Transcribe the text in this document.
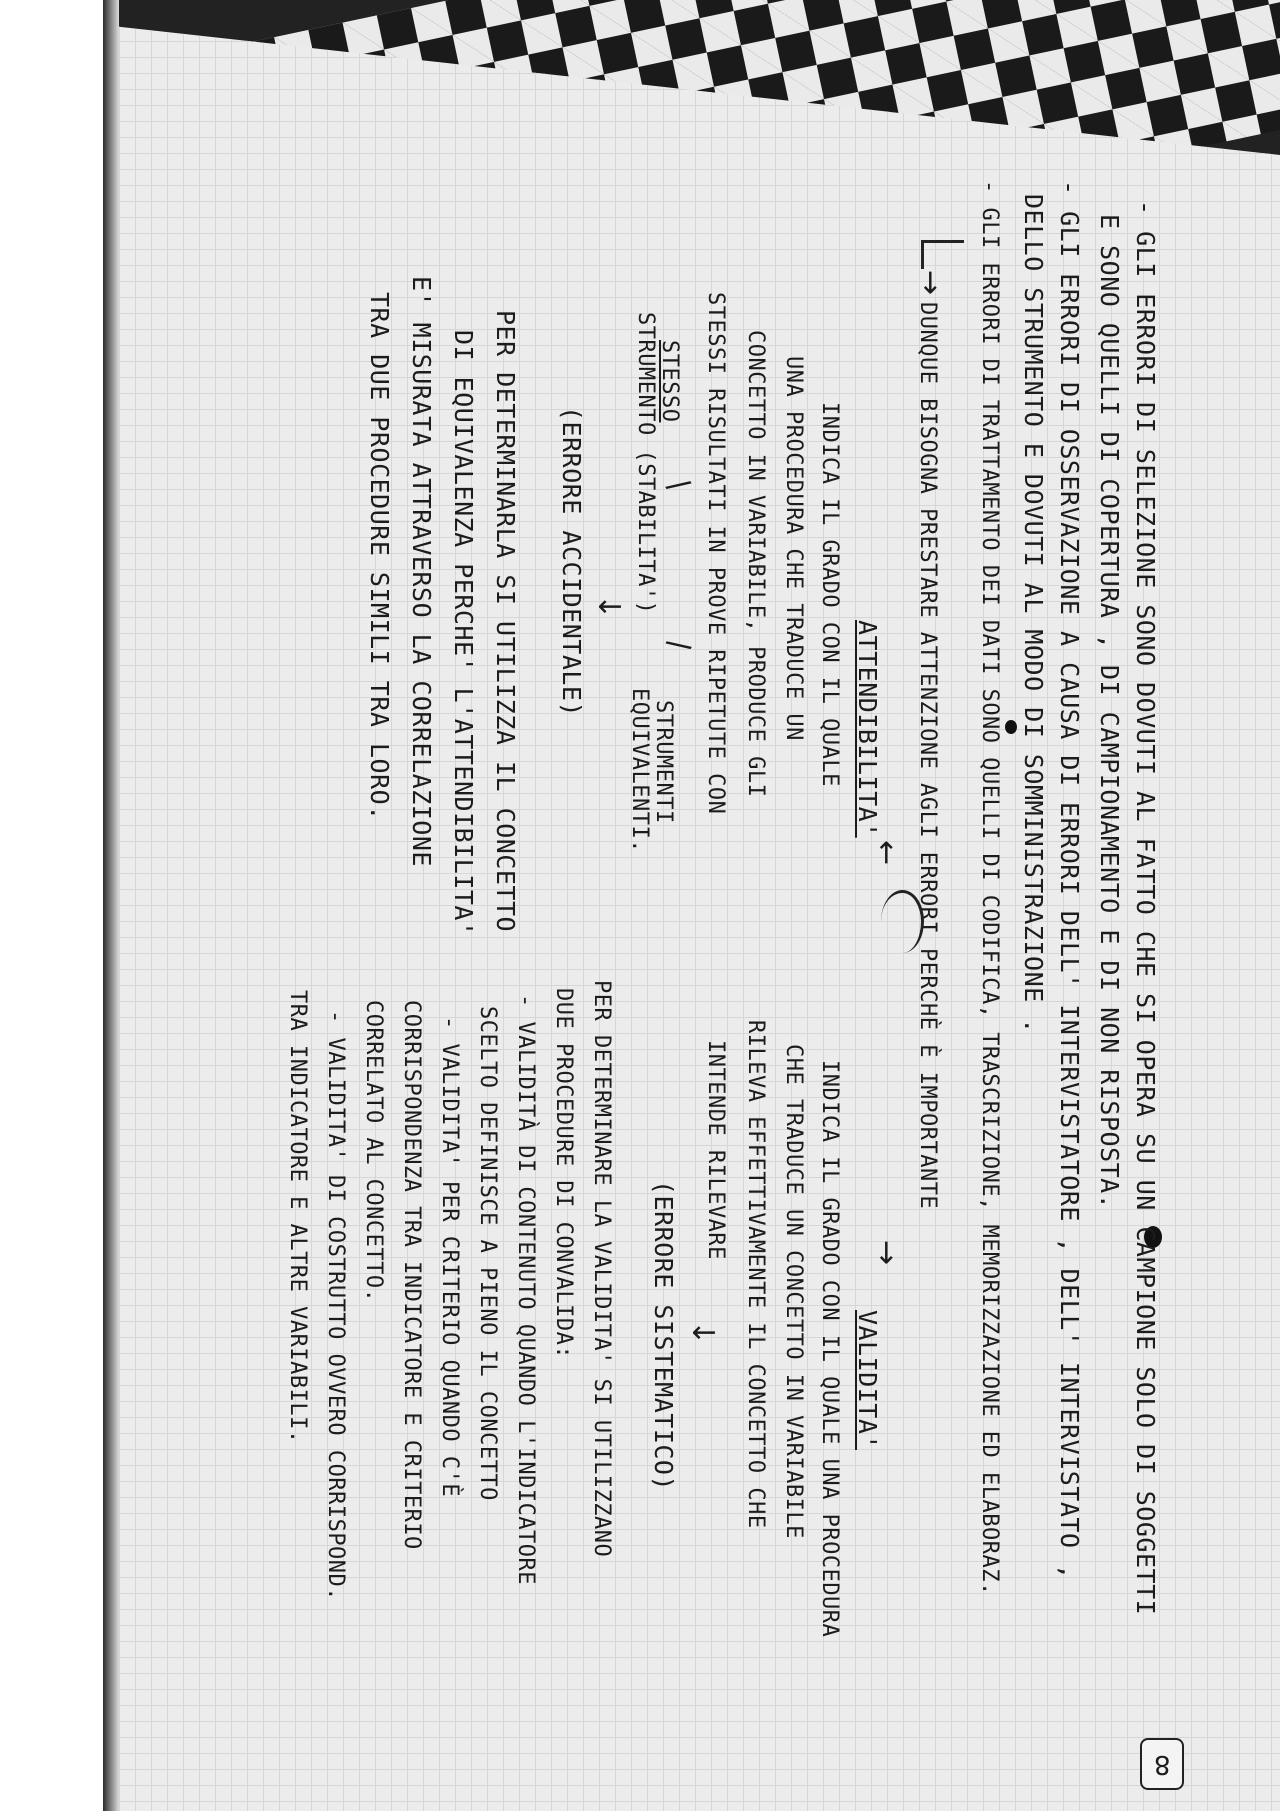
8
- GLI ERRORI DI SELEZIONE SONO DOVUTI AL FATTO CHE SI OPERA SU UN CAMPIONE SOLO DI SOGGETTI
E SONO QUELLI DI COPERTURA , DI CAMPIONAMENTO E DI NON RISPOSTA.
- GLI ERRORI DI OSSERVAZIONE A CAUSA DI ERRORI DELL' INTERVISTATORE , DELL' INTERVISTATO ,
DELLO STRUMENTO E DOVUTI AL MODO DI SOMMINISTRAZIONE .
- GLI ERRORI DI TRATTAMENTO DEI DATI SONO QUELLI DI CODIFICA, TRASCRIZIONE, MEMORIZZAZIONE ED ELABORAZ.
→
DUNQUE BISOGNA PRESTARE ATTENZIONE AGLI ERRORI PERCHÈ È IMPORTANTE
←
→
ATTENDIBILITA'
INDICA IL GRADO CON IL QUALE
UNA PROCEDURA CHE TRADUCE UN
CONCETTO IN VARIABILE, PRODUCE GLI
STESSI RISULTATI IN PROVE RIPETUTE CON
/
\
STESSO
STRUMENTO (STABILITA')
STRUMENTI
EQUIVALENTI.
↓
(ERRORE ACCIDENTALE)
PER DETERMINARLA SI UTILIZZA IL CONCETTO
DI EQUIVALENZA PERCHE' L'ATTENDIBILITA'
E' MISURATA ATTRAVERSO LA CORRELAZIONE
TRA DUE PROCEDURE SIMILI TRA LORO.
VALIDITA'
INDICA IL GRADO CON IL QUALE UNA PROCEDURA
CHE TRADUCE UN CONCETTO IN VARIABILE
RILEVA EFFETTIVAMENTE IL CONCETTO CHE
INTENDE RILEVARE
(ERRORE SISTEMATICO) ↓
PER DETERMINARE LA VALIDITA' SI UTILIZZANO
DUE PROCEDURE DI CONVALIDA:
- VALIDITÀ DI CONTENUTO QUANDO L'INDICATORE
SCELTO DEFINISCE A PIENO IL CONCETTO
- VALIDITA' PER CRITERIO QUANDO C'È
CORRISPONDENZA TRA INDICATORE E CRITERIO
CORRELATO AL CONCETTO.
- VALIDITA' DI COSTRUTTO OVVERO CORRISPOND.
TRA INDICATORE E ALTRE VARIABILI.
